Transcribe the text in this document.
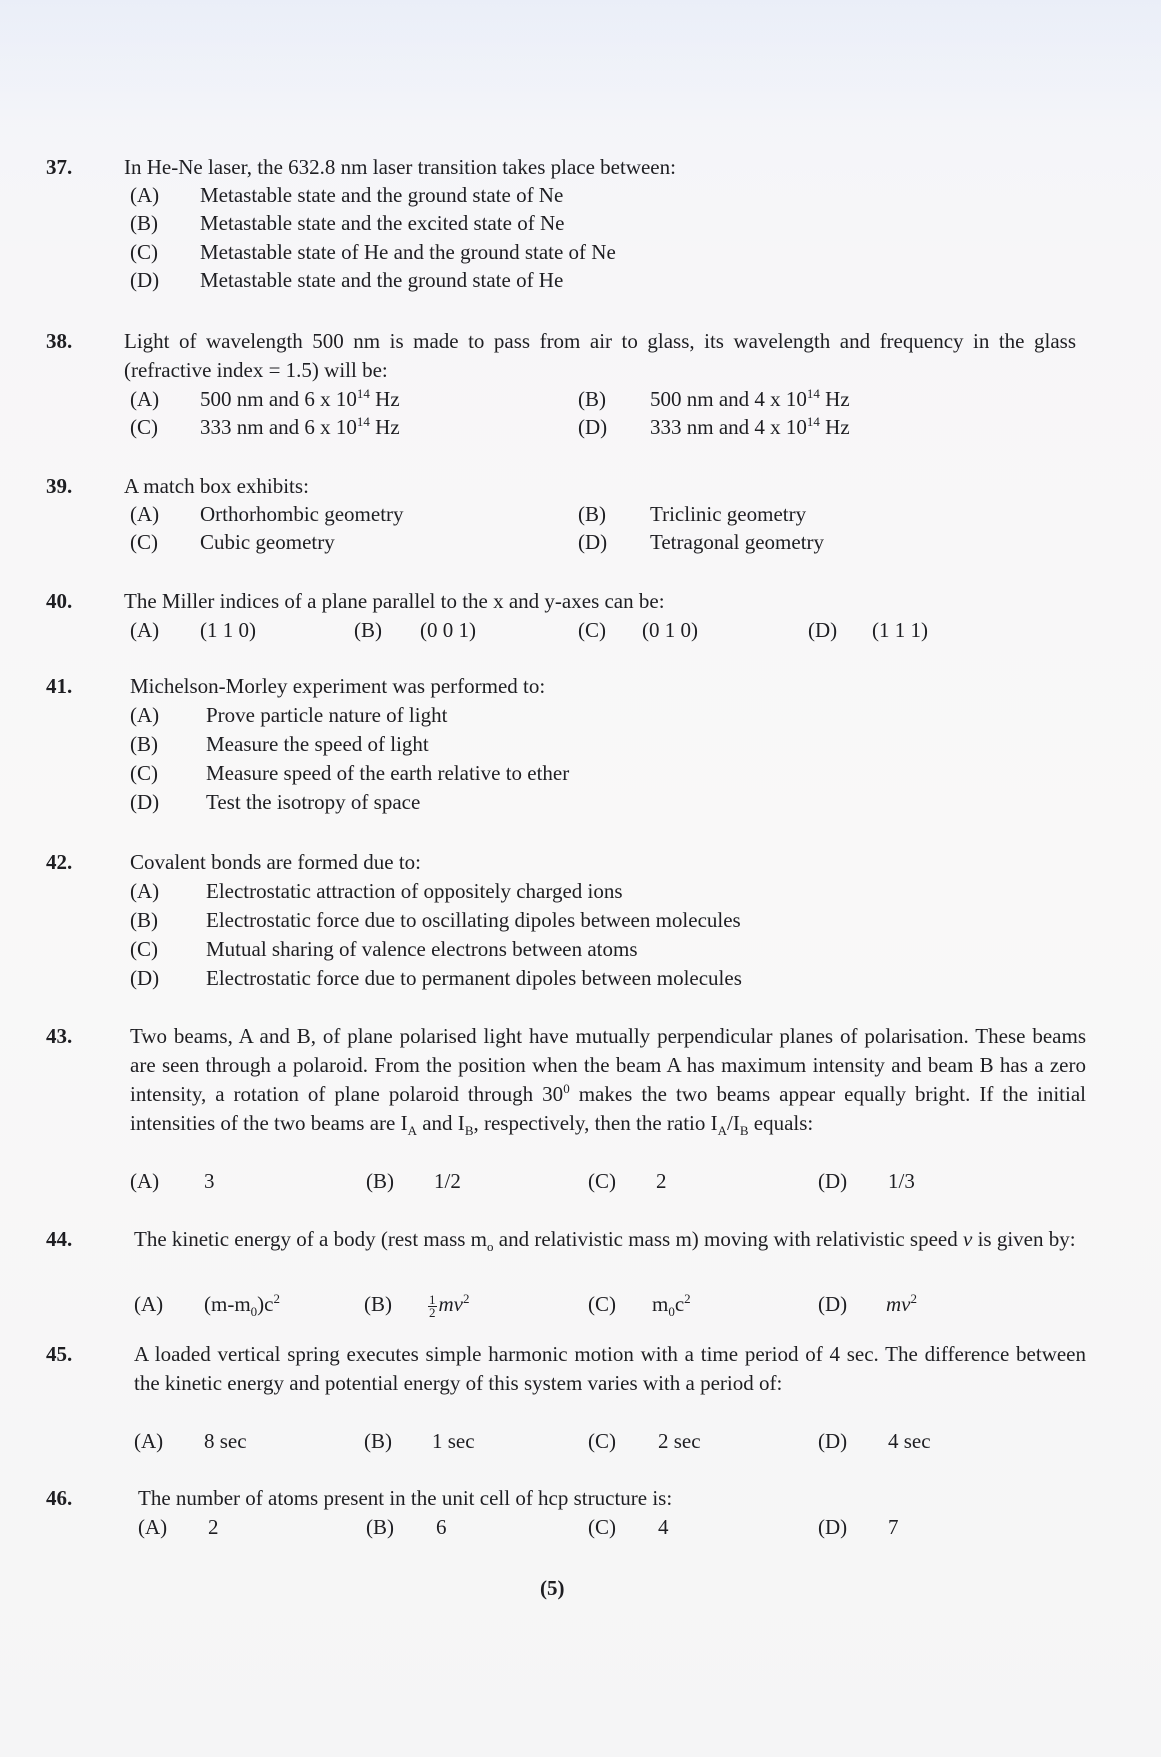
37. In He-Ne laser, the 632.8 nm laser transition takes place between:
(A) Metastable state and the ground state of Ne
(B) Metastable state and the excited state of Ne
(C) Metastable state of He and the ground state of Ne
(D) Metastable state and the ground state of He
38. Light of wavelength 500 nm is made to pass from air to glass, its wavelength and frequency in the glass (refractive index = 1.5) will be:
(A) 500 nm and 6 x $10^{14}$ Hz	(B) 500 nm and 4 x $10^{14}$ Hz
(C) 333 nm and 6 x $10^{14}$ Hz	(D) 333 nm and 4 x $10^{14}$ Hz
39. A match box exhibits:
(A) Orthorhombic geometry	(B) Triclinic geometry
(C) Cubic geometry	(D) Tetragonal geometry
40. The Miller indices of a plane parallel to the x and y-axes can be:
(A) (1 1 0)	(B) (0 0 1)	(C) (0 1 0)	(D) (1 1 1)
41.	Michelson-Morley experiment was performed to:
(A) Prove particle nature of light
(B) Measure the speed of light
(C) Measure speed of the earth relative to ether
(D) Test the isotropy of space
42.	Covalent bonds are formed due to:
(A) Electrostatic attraction of oppositely charged ions
(B) Electrostatic force due to oscillating dipoles between molecules
(C) Mutual sharing of valence electrons between atoms
(D) Electrostatic force due to permanent dipoles between molecules
43.	Two beams, A and B, of plane polarised light have mutually perpendicular planes of polarisation. These beams are seen through a polaroid. From the position when the beam A has maximum intensity and beam B has a zero intensity, a rotation of plane polaroid through $30^0$ makes the two beams appear equally bright. If the initial intensities of the two beams are $I_A$ and $I_B$, respectively, then the ratio $I_A/I_B$ equals:
(A) 3	(B) 1/2	(C) 2	(D) 1/3
44.	The kinetic energy of a body (rest mass $m_o$ and relativistic mass m) moving with relativistic speed v is given by:
(A) $(m-m_0)c^2$	(B)	$\frac{1}{2} mv^2$	(C) $m_0c^2$	(D) $mv^2$
45.	A loaded vertical spring executes simple harmonic motion with a time period of 4 sec. The difference between the kinetic energy and potential energy of this system varies with a period of:
(A) 8 sec	(B) 1 sec	(C) 2 sec	(D) 4 sec
46.	The number of atoms present in the unit cell of hcp structure is:
(A) 2	(B) 6	(C) 4	(D) 7
(5)
